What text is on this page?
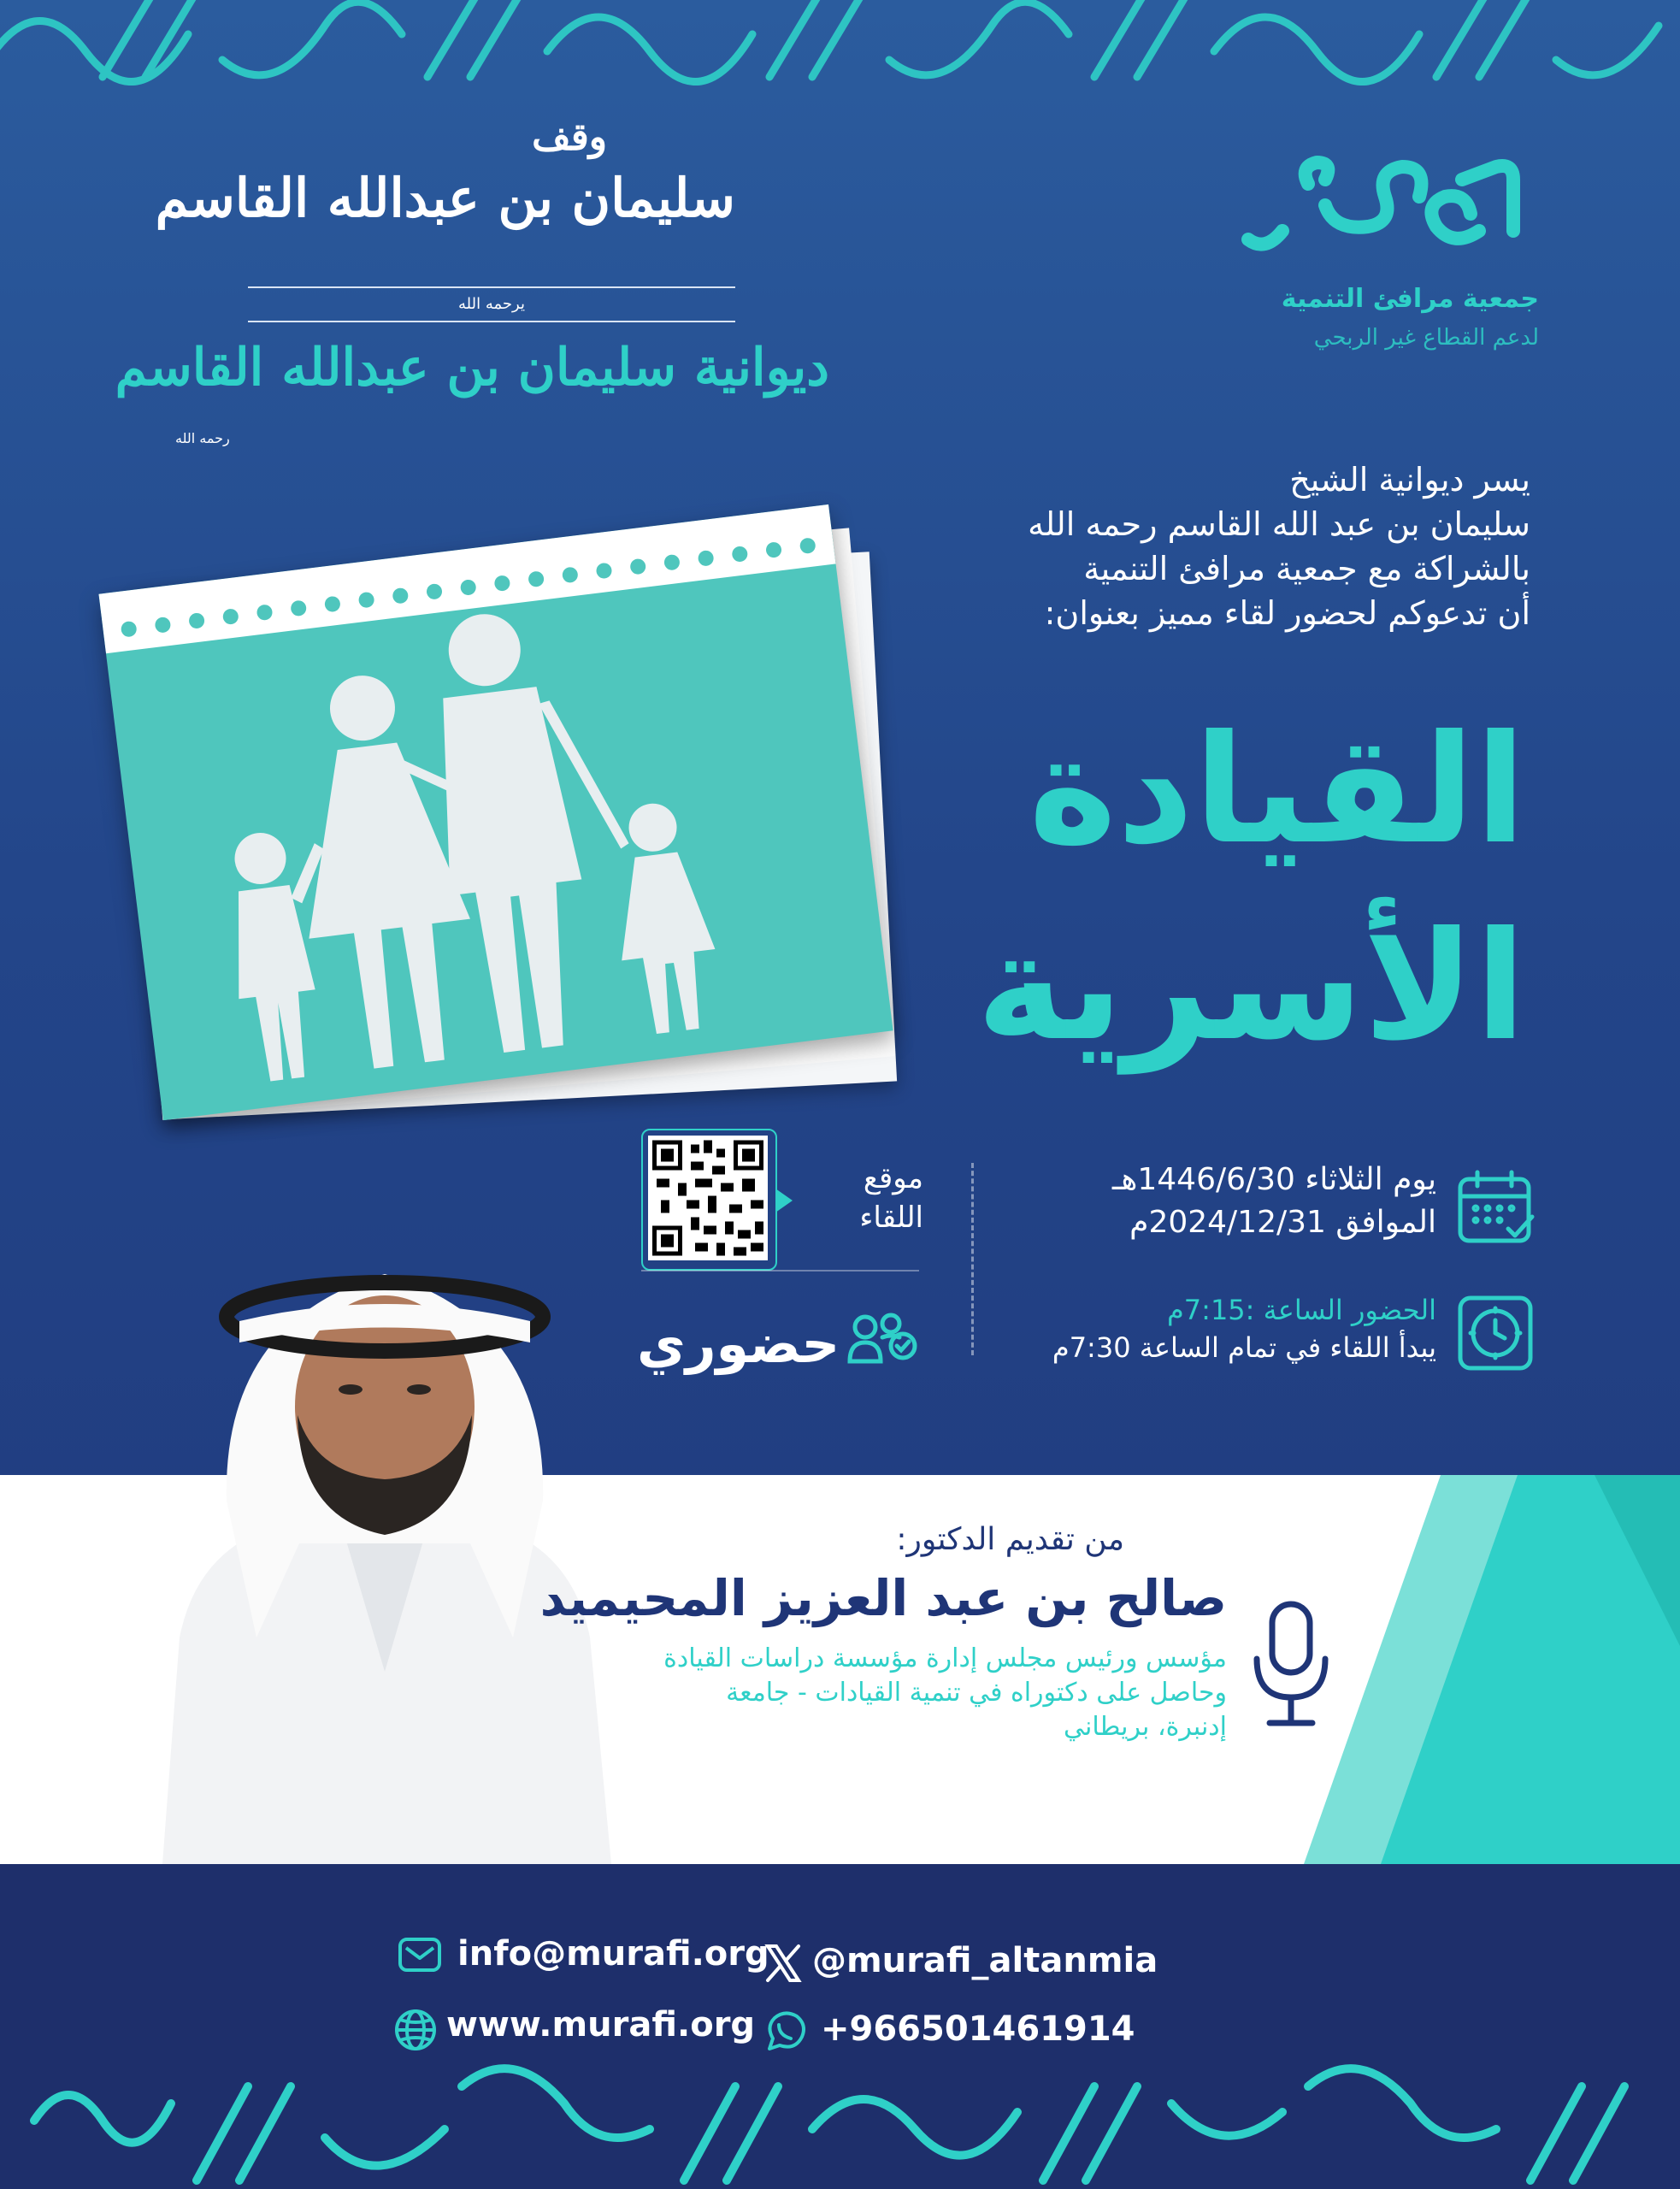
وقف
سليمان بن عبدالله القاسم
يرحمه الله
ديوانية سليمان بن عبدالله القاسم
رحمه الله
جمعية مرافئ التنمية
لدعم القطاع غير الربحي
يسر ديوانية الشيخ
سليمان بن عبد الله القاسم رحمه الله
بالشراكة مع جمعية مرافئ التنمية
أن تدعوكم لحضور لقاء مميز بعنوان:
القيادة
الأسرية
موقع
اللقاء
حضوري
يوم الثلاثاء 1446/6/30هـ
الموافق 2024/12/31م
الحضور الساعة :7:15م
يبدأ اللقاء في تمام الساعة 7:30م
من تقديم الدكتور:
صالح بن عبد العزيز المحيميد
مؤسس ورئيس مجلس إدارة مؤسسة دراسات القيادة
وحاصل على دكتوراه في تنمية القيادات - جامعة
إدنبرة، بريطاني
info@murafi.org @murafi_altanmia
www.murafi.org +966501461914
